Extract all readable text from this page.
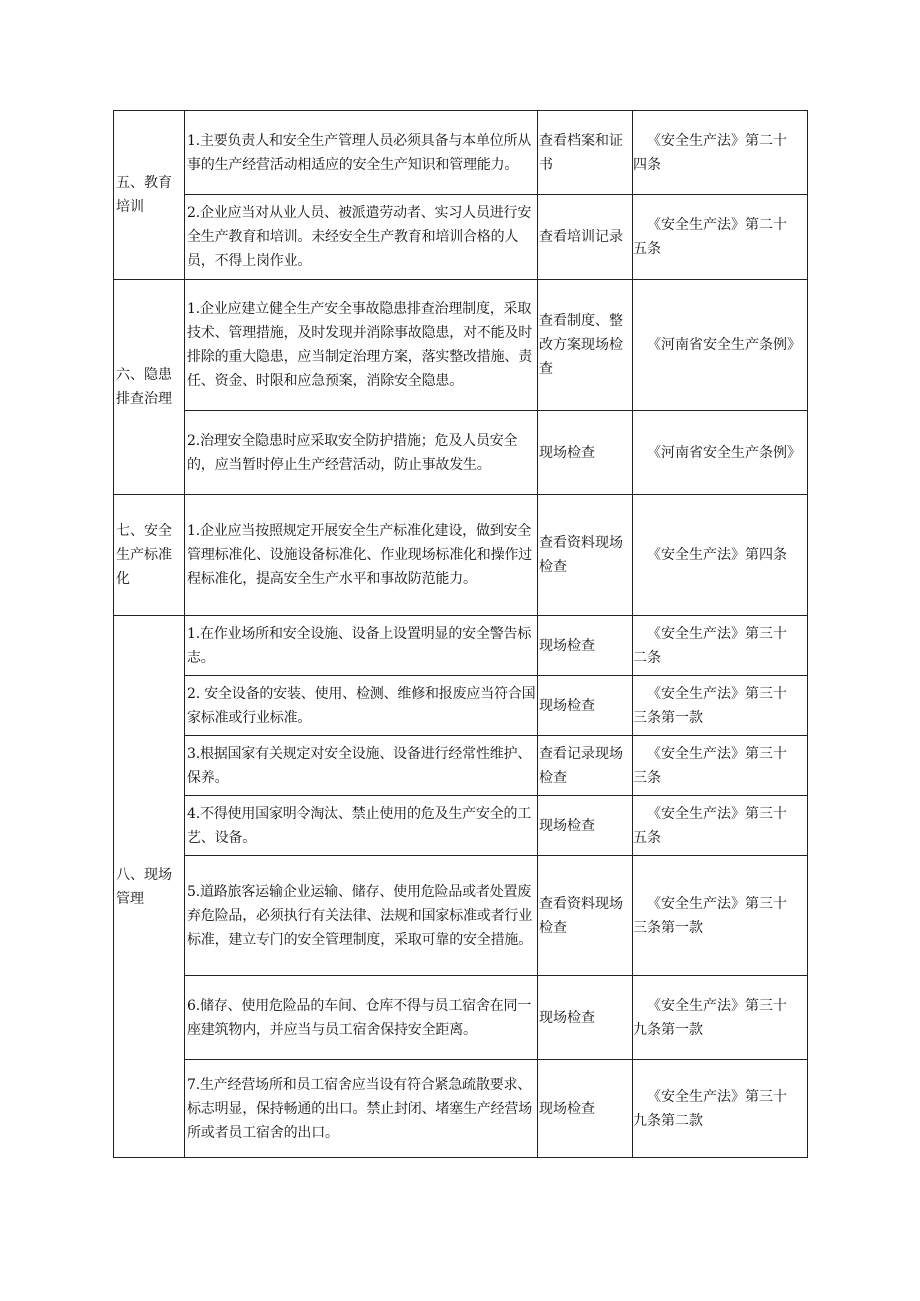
五、教育培训	1.主要负责人和安全生产管理人员必须具备与本单位所从事的生产经营活动相适应的安全生产知识和管理能力。	查看档案和证书	《安全生产法》第二十
四条
	2.企业应当对从业人员、被派遣劳动者、实习人员进行安全生产教育和培训。未经安全生产教育和培训合格的人员，不得上岗作业。	查看培训记录	《安全生产法》第二十
五条
六、隐患排查治理	1.企业应建立健全生产安全事故隐患排查治理制度，采取技术、管理措施，及时发现并消除事故隐患，对不能及时排除的重大隐患，应当制定治理方案，落实整改措施、责任、资金、时限和应急预案，消除安全隐患。	查看制度、整改方案现场检查	《河南省安全生产条例》
	2.治理安全隐患时应采取安全防护措施；危及人员安全的，应当暂时停止生产经营活动，防止事故发生。	现场检查	《河南省安全生产条例》
七、安全生产标准化	1.企业应当按照规定开展安全生产标准化建设，做到安全管理标准化、设施设备标准化、作业现场标准化和操作过程标准化，提高安全生产水平和事故防范能力。	查看资料现场检查	《安全生产法》第四条
八、现场管理	1.在作业场所和安全设施、设备上设置明显的安全警告标志。	现场检查	《安全生产法》第三十
二条
	2. 安全设备的安装、使用、检测、维修和报废应当符合国家标准或行业标准。	现场检查	《安全生产法》第三十
三条第一款
	3.根据国家有关规定对安全设施、设备进行经常性维护、保养。	查看记录现场检查	《安全生产法》第三十
三条
	4.不得使用国家明令淘汰、禁止使用的危及生产安全的工艺、设备。	现场检查	《安全生产法》第三十
五条
	5.道路旅客运输企业运输、储存、使用危险品或者处置废弃危险品，必须执行有关法律、法规和国家标准或者行业标准，建立专门的安全管理制度，采取可靠的安全措施。	查看资料现场检查	《安全生产法》第三十
三条第一款
	6.储存、使用危险品的车间、仓库不得与员工宿舍在同一座建筑物内，并应当与员工宿舍保持安全距离。	现场检查	《安全生产法》第三十
九条第一款
	7.生产经营场所和员工宿舍应当设有符合紧急疏散要求、标志明显，保持畅通的出口。禁止封闭、堵塞生产经营场所或者员工宿舍的出口。	现场检查	《安全生产法》第三十
九条第二款
